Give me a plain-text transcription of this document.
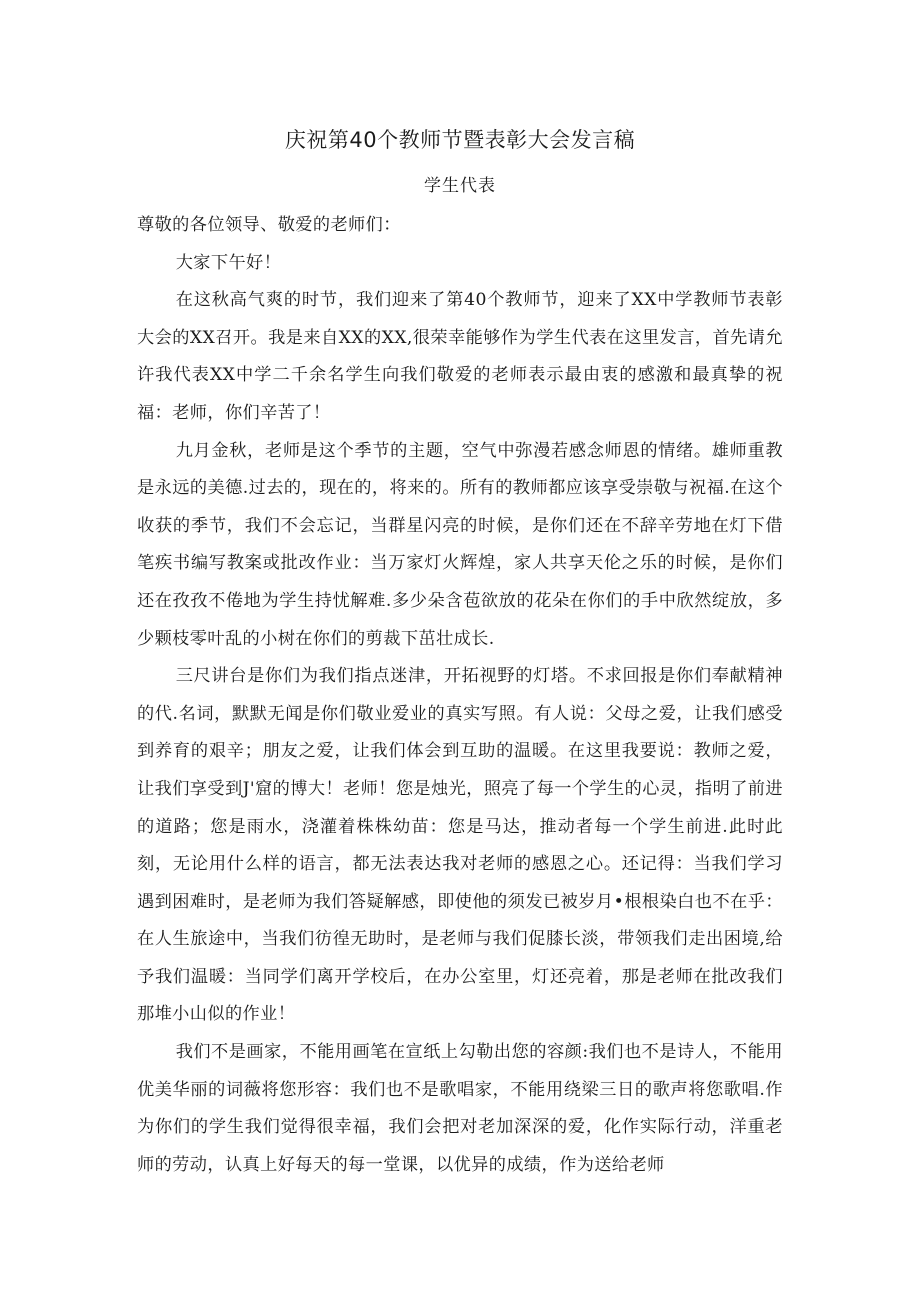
庆祝第40个教师节暨表彰大会发言稿
学生代表

尊敬的各位领导、敬爱的老师们：

大家下午好！

在这秋高气爽的时节，我们迎来了第40个教师节，迎来了XX中学教师节表彰大会的XX召开。我是来自XX的XX,很荣幸能够作为学生代表在这里发言，首先请允许我代表XX中学二千余名学生向我们敬爱的老师表示最由衷的感激和最真挚的祝福：老师，你们辛苦了！

九月金秋，老师是这个季节的主题，空气中弥漫若感念师恩的情绪。雄师重教是永远的美德.过去的，现在的，将来的。所有的教师都应该享受崇敬与祝福.在这个收获的季节，我们不会忘记，当群星闪亮的时候，是你们还在不辞辛劳地在灯下借笔疾书编写教案或批改作业：当万家灯火辉煌，家人共享天伦之乐的时候，是你们还在孜孜不倦地为学生持忧解难.多少朵含苞欲放的花朵在你们的手中欣然绽放，多少颗枝零叶乱的小树在你们的剪裁下茁壮成长.

三尺讲台是你们为我们指点迷津，开拓视野的灯塔。不求回报是你们奉献精神的代.名词，默默无闻是你们敬业爱业的真实写照。有人说：父母之爱，让我们感受到养育的艰辛；朋友之爱，让我们体会到互助的温暖。在这里我要说：教师之爱，让我们享受到J'窟的博大！老师！您是烛光，照亮了每一个学生的心灵，指明了前进的道路；您是雨水，浇灌着株株幼苗：您是马达，推动者每一个学生前进.此时此刻，无论用什么样的语言，都无法表达我对老师的感恩之心。还记得：当我们学习遇到困难时，是老师为我们答疑解感，即使他的须发已被岁月•根根染白也不在乎：在人生旅途中，当我们彷徨无助时，是老师与我们促膝长淡，带领我们走出困境,给予我们温暖：当同学们离开学校后，在办公室里，灯还亮着，那是老师在批改我们那堆小山似的作业！

我们不是画家，不能用画笔在宣纸上勾勒出您的容颜:我们也不是诗人，不能用优美华丽的词薇将您形容：我们也不是歌唱家，不能用绕梁三日的歌声将您歌唱.作为你们的学生我们觉得很幸福，我们会把对老加深深的爱，化作实际行动，洋重老师的劳动，认真上好每天的每一堂课，以优异的成绩，作为送给老师
